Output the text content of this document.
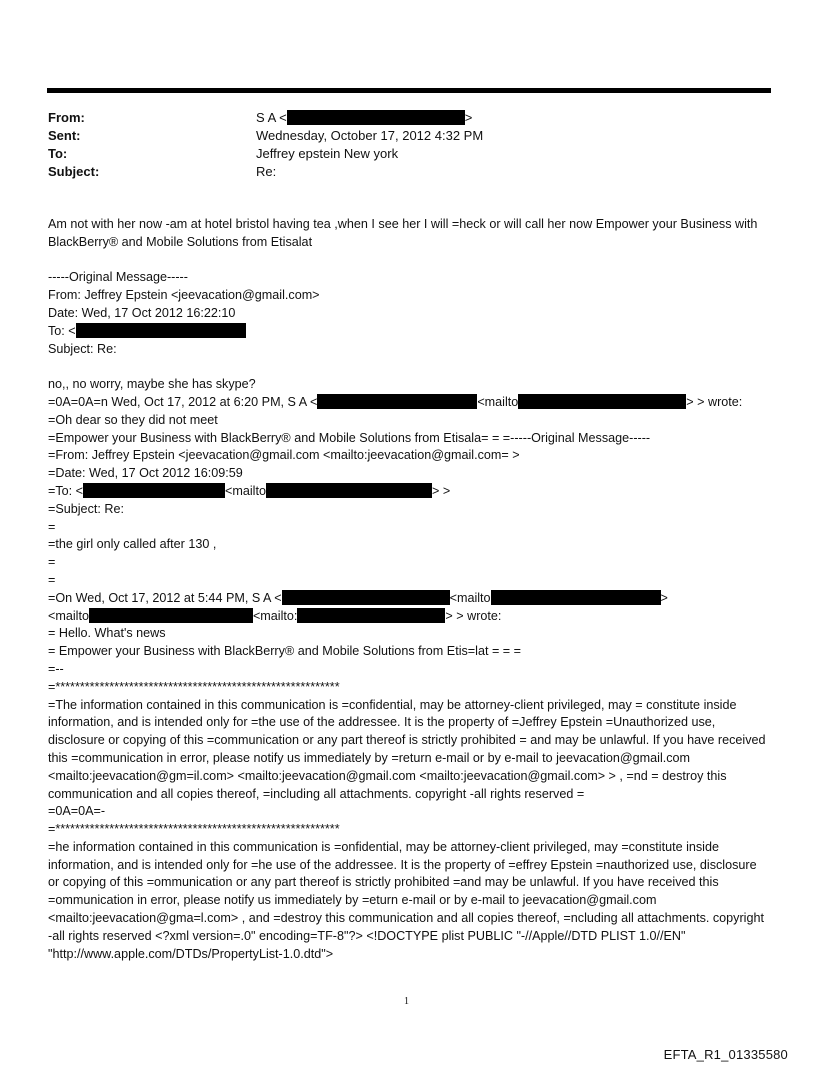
From:	S A <	>
Sent:	Wednesday, October 17, 2012 4:32 PM
To:	Jeffrey epstein New york
Subject:	Re:
Am not with her now -am at hotel bristol having tea ,when I see her I will =heck or will call her now Empower your Business with BlackBerry® and Mobile Solutions from Etisalat
-----Original Message-----
From: Jeffrey Epstein <jeevacation@gmail.com>
Date: Wed, 17 Oct 2012 16:22:10
To: <
Subject: Re:
no,, no worry, maybe she has skype?
=0A=0A=n Wed, Oct 17, 2012 at 6:20 PM, S A <	<mailto	> > wrote:
=Oh dear so they did not meet
=Empower your Business with BlackBerry® and Mobile Solutions from Etisala= = =-----Original Message-----
=From: Jeffrey Epstein <jeevacation@gmail.com <mailto:jeevacation@gmail.com= >
=Date: Wed, 17 Oct 2012 16:09:59
=To: <	<mailto	> >
=Subject: Re:
=
=the girl only called after 130 ,
=
=
=On Wed, Oct 17, 2012 at 5:44 PM, S A <	<mailto	>
<mailto	<mailto:	> > wrote:
= Hello. What's news
= Empower your Business with BlackBerry® and Mobile Solutions from Etis=lat = = =
=--
=**********************************************************
=The information contained in this communication is =confidential, may be attorney-client privileged, may = constitute inside information, and is intended only for =the use of the addressee. It is the property of =Jeffrey Epstein =Unauthorized use, disclosure or copying of this =communication or any part thereof is strictly prohibited = and may be unlawful. If you have received this =communication in error, please notify us immediately by =return e-mail or by e-mail to jeevacation@gmail.com <mailto:jeevacation@gm=il.com> <mailto:jeevacation@gmail.com <mailto:jeevacation@gmail.com> > , =nd = destroy this communication and all copies thereof, =including all attachments. copyright -all rights reserved =
=0A=0A=-
=**********************************************************
=he information contained in this communication is =onfidential, may be attorney-client privileged, may =constitute inside information, and is intended only for =he use of the addressee. It is the property of =effrey Epstein =nauthorized use, disclosure or copying of this =ommunication or any part thereof is strictly prohibited =and may be unlawful. If you have received this =ommunication in error, please notify us immediately by =eturn e-mail or by e-mail to jeevacation@gmail.com <mailto:jeevacation@gma=l.com> , and =destroy this communication and all copies thereof, =ncluding all attachments. copyright -all rights reserved <?xml version=.0" encoding=TF-8"?> <!DOCTYPE plist PUBLIC "-//Apple//DTD PLIST 1.0//EN" "http://www.apple.com/DTDs/PropertyList-1.0.dtd">
1
EFTA_R1_01335580
